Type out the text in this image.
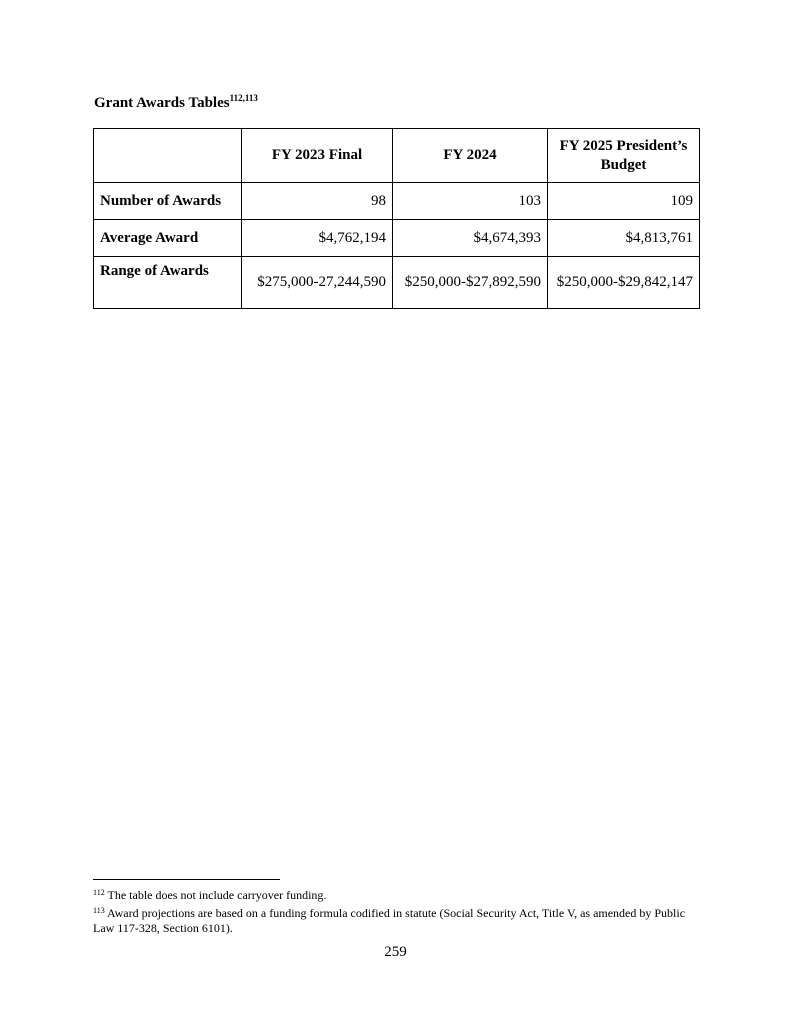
Grant Awards Tables$^{112,113}$
	FY 2023 Final	FY 2024	FY 2025 President’s Budget
Number of Awards	98	103	109
Average Award	$4,762,194	$4,674,393	$4,813,761
Range of Awards	$275,000-27,244,590	$250,000-$27,892,590	$250,000-$29,842,147
$^{112}$ The table does not include carryover funding.
$^{113}$ Award projections are based on a funding formula codified in statute (Social Security Act, Title V, as amended by Public Law 117-328, Section 6101).
259
